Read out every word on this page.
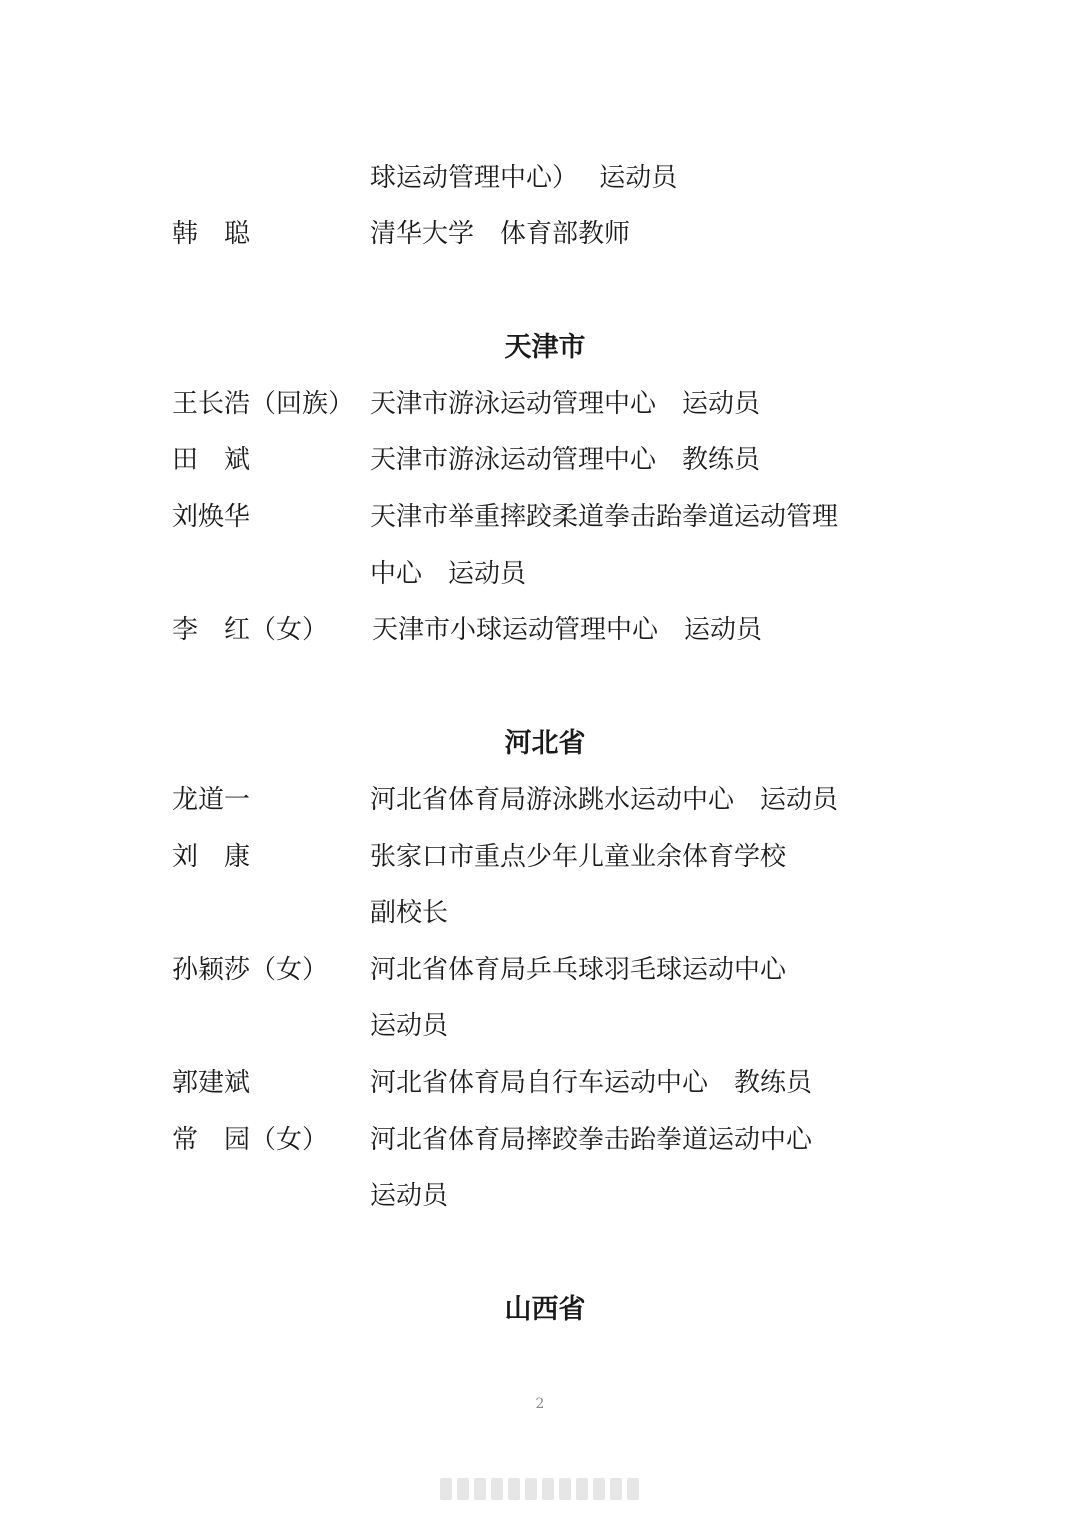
球运动管理中心）　 运动员
韩　聪	清华大学　体育部教师
天津市
王长浩（回族） 天津市游泳运动管理中心　运动员
田　斌	天津市游泳运动管理中心　教练员
刘焕华	天津市举重摔跤柔道拳击跆拳道运动管理
中心　运动员
李　红（女） 天津市小球运动管理中心　运动员
河北省
龙道一	河北省体育局游泳跳水运动中心　运动员
刘　康	张家口市重点少年儿童业余体育学校
副校长
孙颖莎（女） 河北省体育局乒乓球羽毛球运动中心
运动员
郭建斌	河北省体育局自行车运动中心　教练员
常　园（女） 河北省体育局摔跤拳击跆拳道运动中心
运动员
山西省
2
